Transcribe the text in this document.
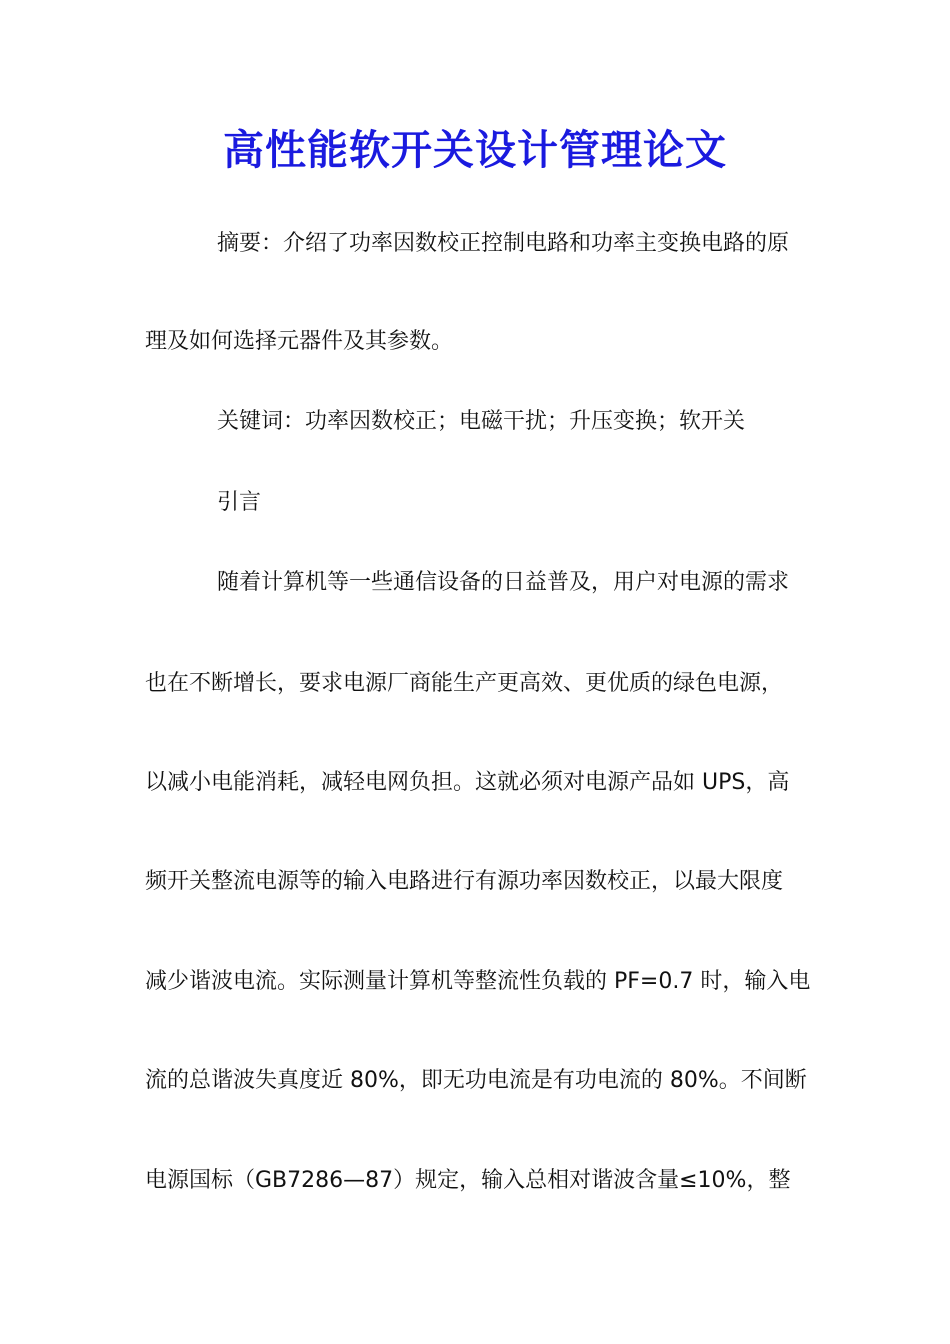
高性能软开关设计管理论文
摘要：介绍了功率因数校正控制电路和功率主变换电路的原
理及如何选择元器件及其参数。
关键词：功率因数校正；电磁干扰；升压变换；软开关
引言
随着计算机等一些通信设备的日益普及，用户对电源的需求
也在不断增长，要求电源厂商能生产更高效、更优质的绿色电源，
以减小电能消耗，减轻电网负担。这就必须对电源产品如 UPS，高
频开关整流电源等的输入电路进行有源功率因数校正，以最大限度
减少谐波电流。实际测量计算机等整流性负载的 PF=0.7 时，输入电
流的总谐波失真度近 80%，即无功电流是有功电流的 80%。不间断
电源国标（GB7286—87）规定，输入总相对谐波含量≤10%，整
